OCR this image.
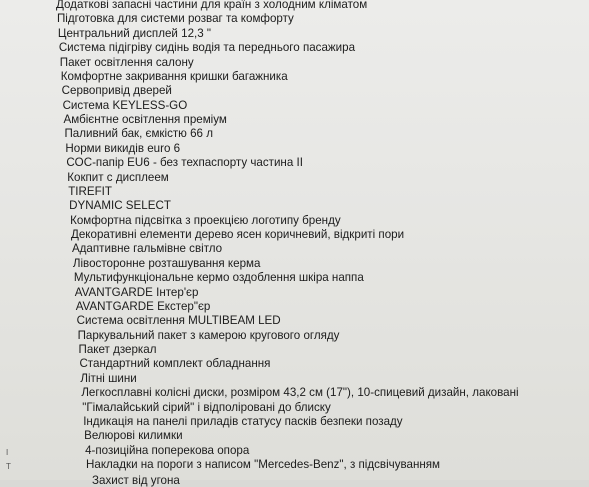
Додаткові запасні частини для країн з холодним кліматом
Підготовка для системи розваг та комфорту
Центральний дисплей 12,3 "
Система підігріву сидінь водія та переднього пасажира
Пакет освітлення салону
Комфортне закривання кришки багажника
Сервопривід дверей
Система KEYLESS-GO
Амбієнтне освітлення преміум
Паливний бак, ємкістю 66 л
Норми викидів euro 6
COC-папір EU6 - без техпаспорту частина II
Кокпит с дисплеем
TIREFIT
DYNAMIC SELECT
Комфортна підсвітка з проекцією логотипу бренду
Декоративні елементи дерево ясен коричневий, відкриті пори
Адаптивне гальмівне світло
Лівосторонне розташування керма
Мультифункціональне кермо оздоблення шкіра наппа
AVANTGARDE Інтер'єр
AVANTGARDE Екстер"єр
Система освітлення MULTIBEAM LED
Паркувальний пакет з камерою кругового огляду
Пакет дзеркал
Стандартний комплект обладнання
Літні шини
Легкосплавні колісні диски, розміром 43,2 см (17"), 10-спицевий дизайн, лаковані
"Гімалайський сірий" і відполіровані до блиску
Індикація на панелі приладів статусу пасків безпеки позаду
Велюрові килимки
4-позиційна поперекова опора
Накладки на пороги з написом "Mercedes-Benz", з підсвічуванням
Захист від угона
I
T
